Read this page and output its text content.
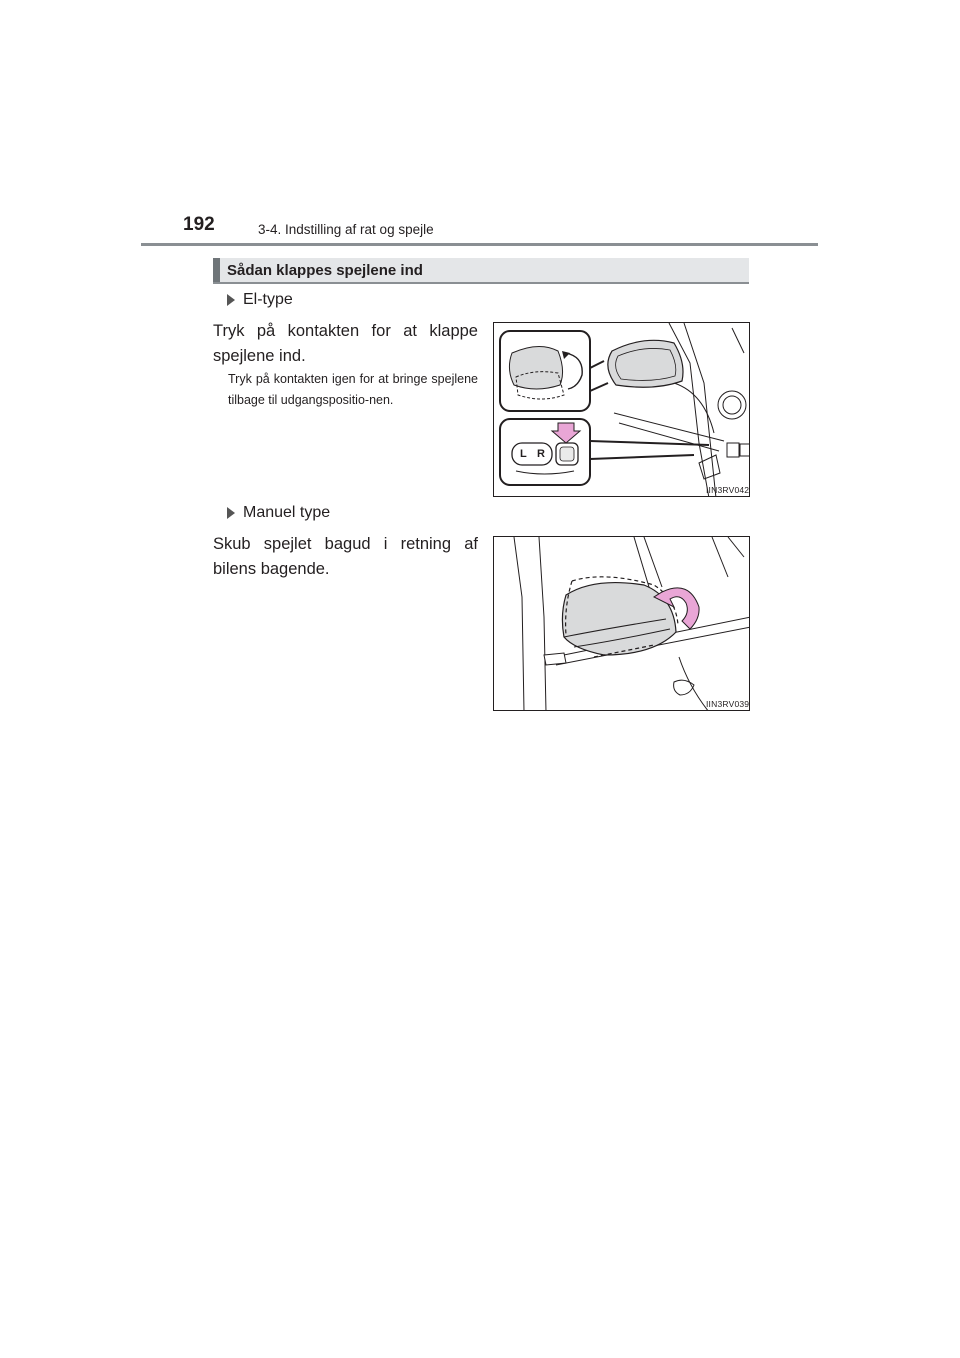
192	3-4. Indstilling af rat og spejle
Sådan klappes spejlene ind
El-type
Tryk på kontakten for at klappe spejlene ind.
Tryk på kontakten igen for at bringe spejlene tilbage til udgangspositio-nen.
L R
IIN3RV042
Manuel type
Skub spejlet bagud i retning af bilens bagende.
IIN3RV039
